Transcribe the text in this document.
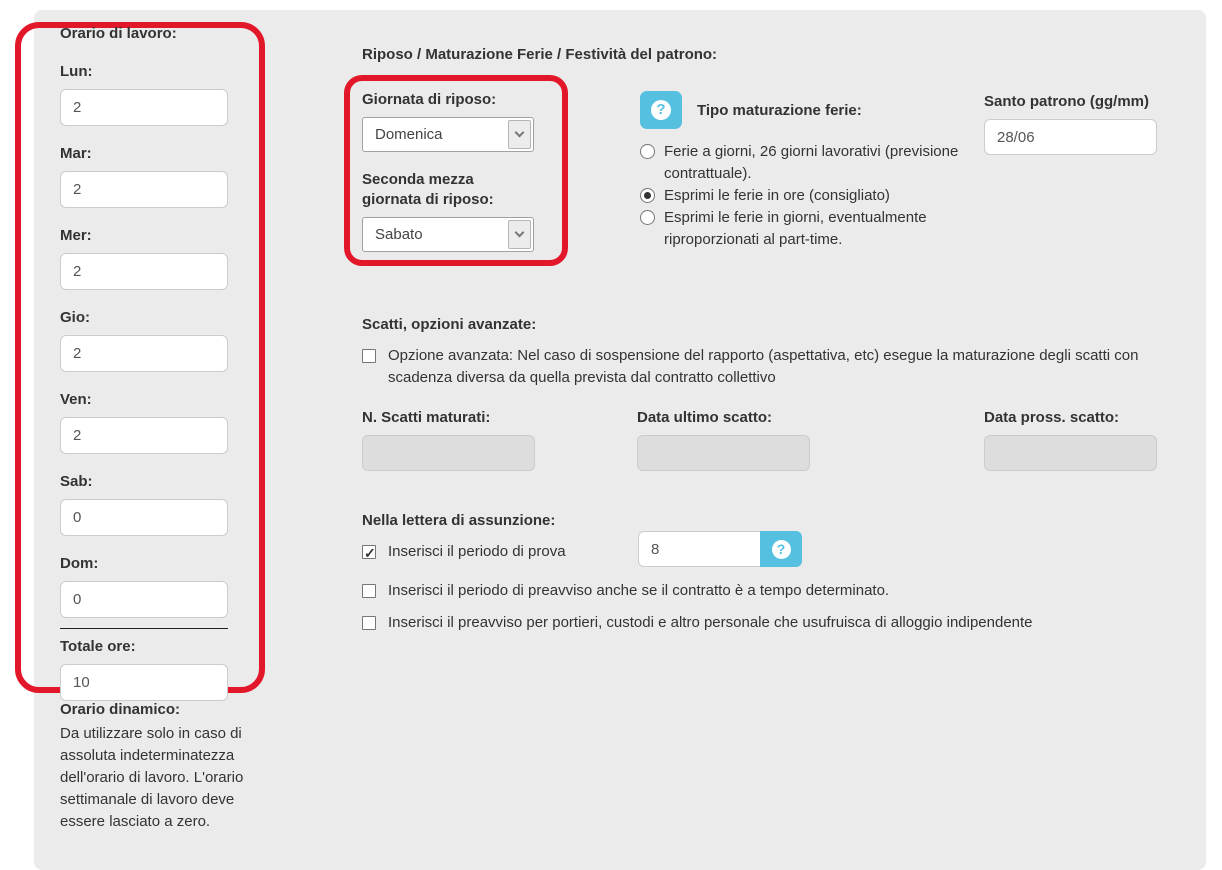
Orario di lavoro:
Lun:
2
Mar:
2
Mer:
2
Gio:
2
Ven:
2
Sab:
0
Dom:
0
Totale ore:
10
Orario dinamico:
Da utilizzare solo in caso di assoluta indeterminatezza dell'orario di lavoro. L'orario settimanale di lavoro deve essere lasciato a zero.
Riposo / Maturazione Ferie / Festività del patrono:
Giornata di riposo:
Domenica
Seconda mezza giornata di riposo:
Sabato
?	Tipo maturazione ferie:
Ferie a giorni, 26 giorni lavorativi (previsione contrattuale).
Esprimi le ferie in ore (consigliato)
Esprimi le ferie in giorni, eventualmente riproporzionati al part-time.
Santo patrono (gg/mm)
28/06
Scatti, opzioni avanzate:
Opzione avanzata: Nel caso di sospensione del rapporto (aspettativa, etc) esegue la maturazione degli scatti con scadenza diversa da quella prevista dal contratto collettivo
N. Scatti maturati:	Data ultimo scatto:	Data pross. scatto:
Nella lettera di assunzione:
✓
Inserisci il periodo di prova
8	?
Inserisci il periodo di preavviso anche se il contratto è a tempo determinato.
Inserisci il preavviso per portieri, custodi e altro personale che usufruisca di alloggio indipendente
